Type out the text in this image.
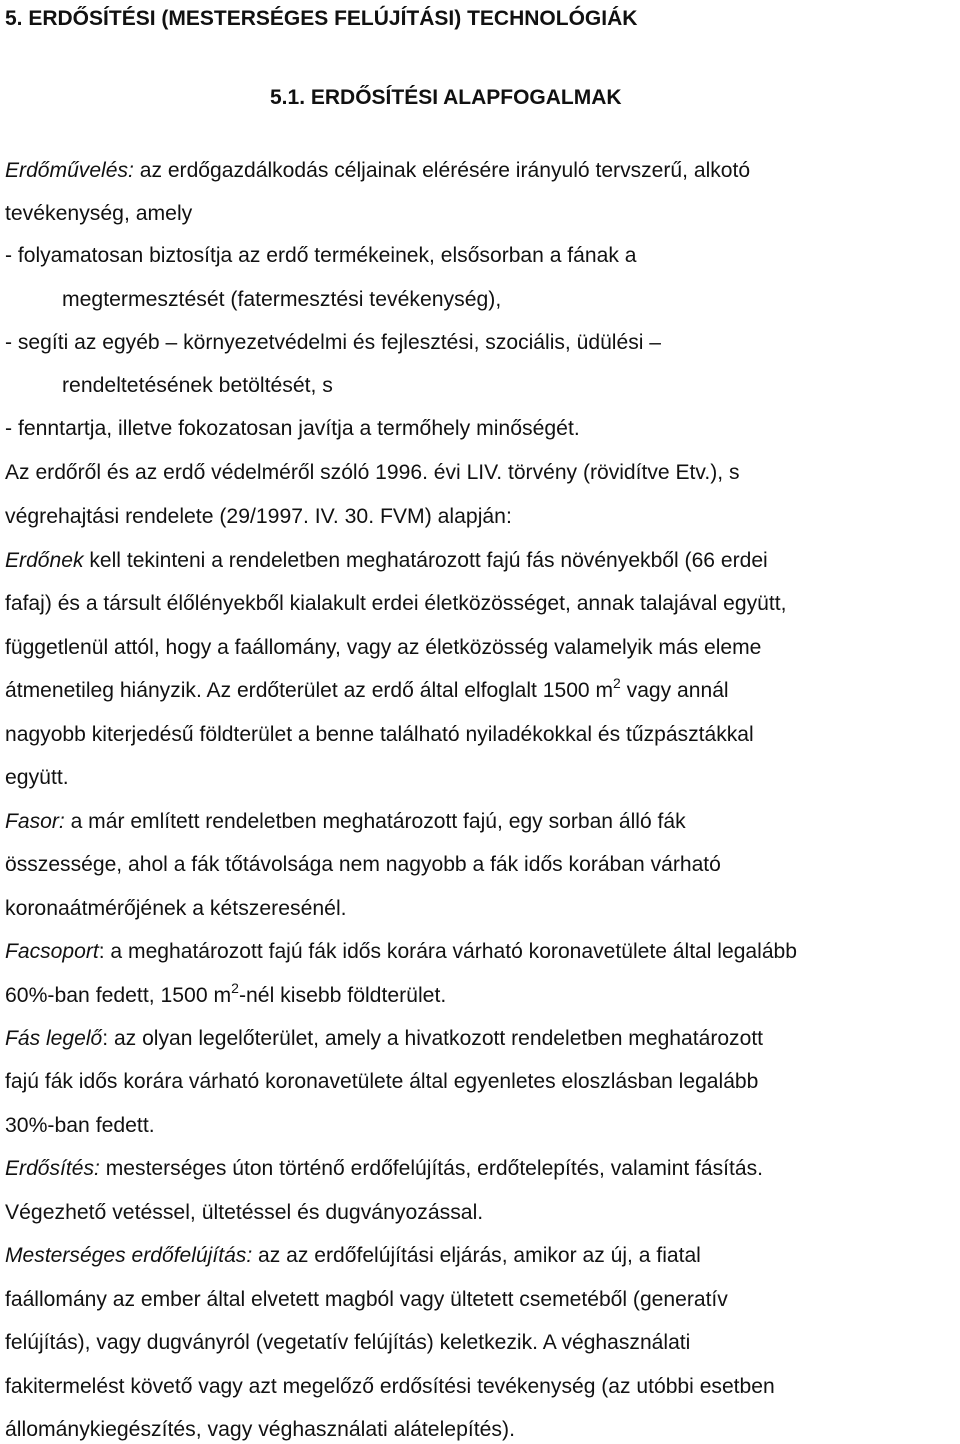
5. ERDŐSÍTÉSI (MESTERSÉGES FELÚJÍTÁSI) TECHNOLÓGIÁK
5.1. ERDŐSÍTÉSI ALAPFOGALMAK
Erdőművelés: az erdőgazdálkodás céljainak elérésére irányuló tervszerű, alkotó
tevékenység, amely
- folyamatosan biztosítja az erdő termékeinek, elsősorban a fának a
megtermesztését (fatermesztési tevékenység),
- segíti az egyéb – környezetvédelmi és fejlesztési, szociális, üdülési –
rendeltetésének betöltését, s
- fenntartja, illetve fokozatosan javítja a termőhely minőségét.
Az erdőről és az erdő védelméről szóló 1996. évi LIV. törvény (rövidítve Etv.), s
végrehajtási rendelete (29/1997. IV. 30. FVM) alapján:
Erdőnek kell tekinteni a rendeletben meghatározott fajú fás növényekből (66 erdei
fafaj) és a társult élőlényekből kialakult erdei életközösséget, annak talajával együtt,
függetlenül attól, hogy a faállomány, vagy az életközösség valamelyik más eleme
átmenetileg hiányzik. Az erdőterület az erdő által elfoglalt 1500 $m^2$ vagy annál
nagyobb kiterjedésű földterület a benne található nyiladékokkal és tűzpásztákkal
együtt.
Fasor: a már említett rendeletben meghatározott fajú, egy sorban álló fák
összessége, ahol a fák tőtávolsága nem nagyobb a fák idős korában várható
koronaátmérőjének a kétszeresénél.
Facsoport: a meghatározott fajú fák idős korára várható koronavetülete által legalább
60%-ban fedett, 1500 $m^2$-nél kisebb földterület.
Fás legelő: az olyan legelőterület, amely a hivatkozott rendeletben meghatározott
fajú fák idős korára várható koronavetülete által egyenletes eloszlásban legalább
30%-ban fedett.
Erdősítés: mesterséges úton történő erdőfelújítás, erdőtelepítés, valamint fásítás.
Végezhető vetéssel, ültetéssel és dugványozással.
Mesterséges erdőfelújítás: az az erdőfelújítási eljárás, amikor az új, a fiatal
faállomány az ember által elvetett magból vagy ültetett csemetéből (generatív
felújítás), vagy dugványról (vegetatív felújítás) keletkezik. A véghasználati
fakitermelést követő vagy azt megelőző erdősítési tevékenység (az utóbbi esetben
állománykiegészítés, vagy véghasználati alátelepítés).
